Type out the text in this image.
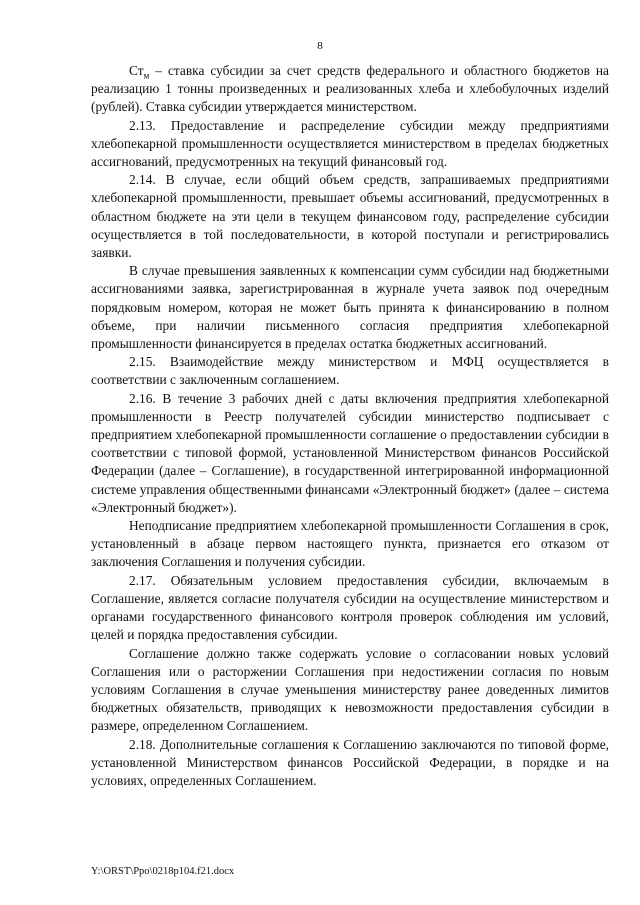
8

$Ст_м$ – ставка субсидии за счет средств федерального и областного бюджетов на реализацию 1 тонны произведенных и реализованных хлеба и хлебобулочных изделий (рублей). Ставка субсидии утверждается министерством.

2.13. Предоставление и распределение субсидии между предприятиями хлебопекарной промышленности осуществляется министерством в пределах бюджетных ассигнований, предусмотренных на текущий финансовый год.

2.14. В случае, если общий объем средств, запрашиваемых предприятиями хлебопекарной промышленности, превышает объемы ассигнований, предусмотренных в областном бюджете на эти цели в текущем финансовом году, распределение субсидии осуществляется в той последовательности, в которой поступали и регистрировались заявки.

В случае превышения заявленных к компенсации сумм субсидии над бюджетными ассигнованиями заявка, зарегистрированная в журнале учета заявок под очередным порядковым номером, которая не может быть принята к финансированию в полном объеме, при наличии письменного согласия предприятия хлебопекарной промышленности финансируется в пределах остатка бюджетных ассигнований.

2.15. Взаимодействие между министерством и МФЦ осуществляется в соответствии с заключенным соглашением.

2.16. В течение 3 рабочих дней с даты включения предприятия хлебопекарной промышленности в Реестр получателей субсидии министерство подписывает с предприятием хлебопекарной промышленности соглашение о предоставлении субсидии в соответствии с типовой формой, установленной Министерством финансов Российской Федерации (далее – Соглашение), в государственной интегрированной информационной системе управления общественными финансами «Электронный бюджет» (далее – система «Электронный бюджет»).

Неподписание предприятием хлебопекарной промышленности Соглашения в срок, установленный в абзаце первом настоящего пункта, признается его отказом от заключения Соглашения и получения субсидии.

2.17. Обязательным условием предоставления субсидии, включаемым в Соглашение, является согласие получателя субсидии на осуществление министерством и органами государственного финансового контроля проверок соблюдения им условий, целей и порядка предоставления субсидии.

Соглашение должно также содержать условие о согласовании новых условий Соглашения или о расторжении Соглашения при недостижении согласия по новым условиям Соглашения в случае уменьшения министерству ранее доведенных лимитов бюджетных обязательств, приводящих к невозможности предоставления субсидии в размере, определенном Соглашением.

2.18. Дополнительные соглашения к Соглашению заключаются по типовой форме, установленной Министерством финансов Российской Федерации, в порядке и на условиях, определенных Соглашением.

Y:\ORST\Ppo\0218p104.f21.docx
